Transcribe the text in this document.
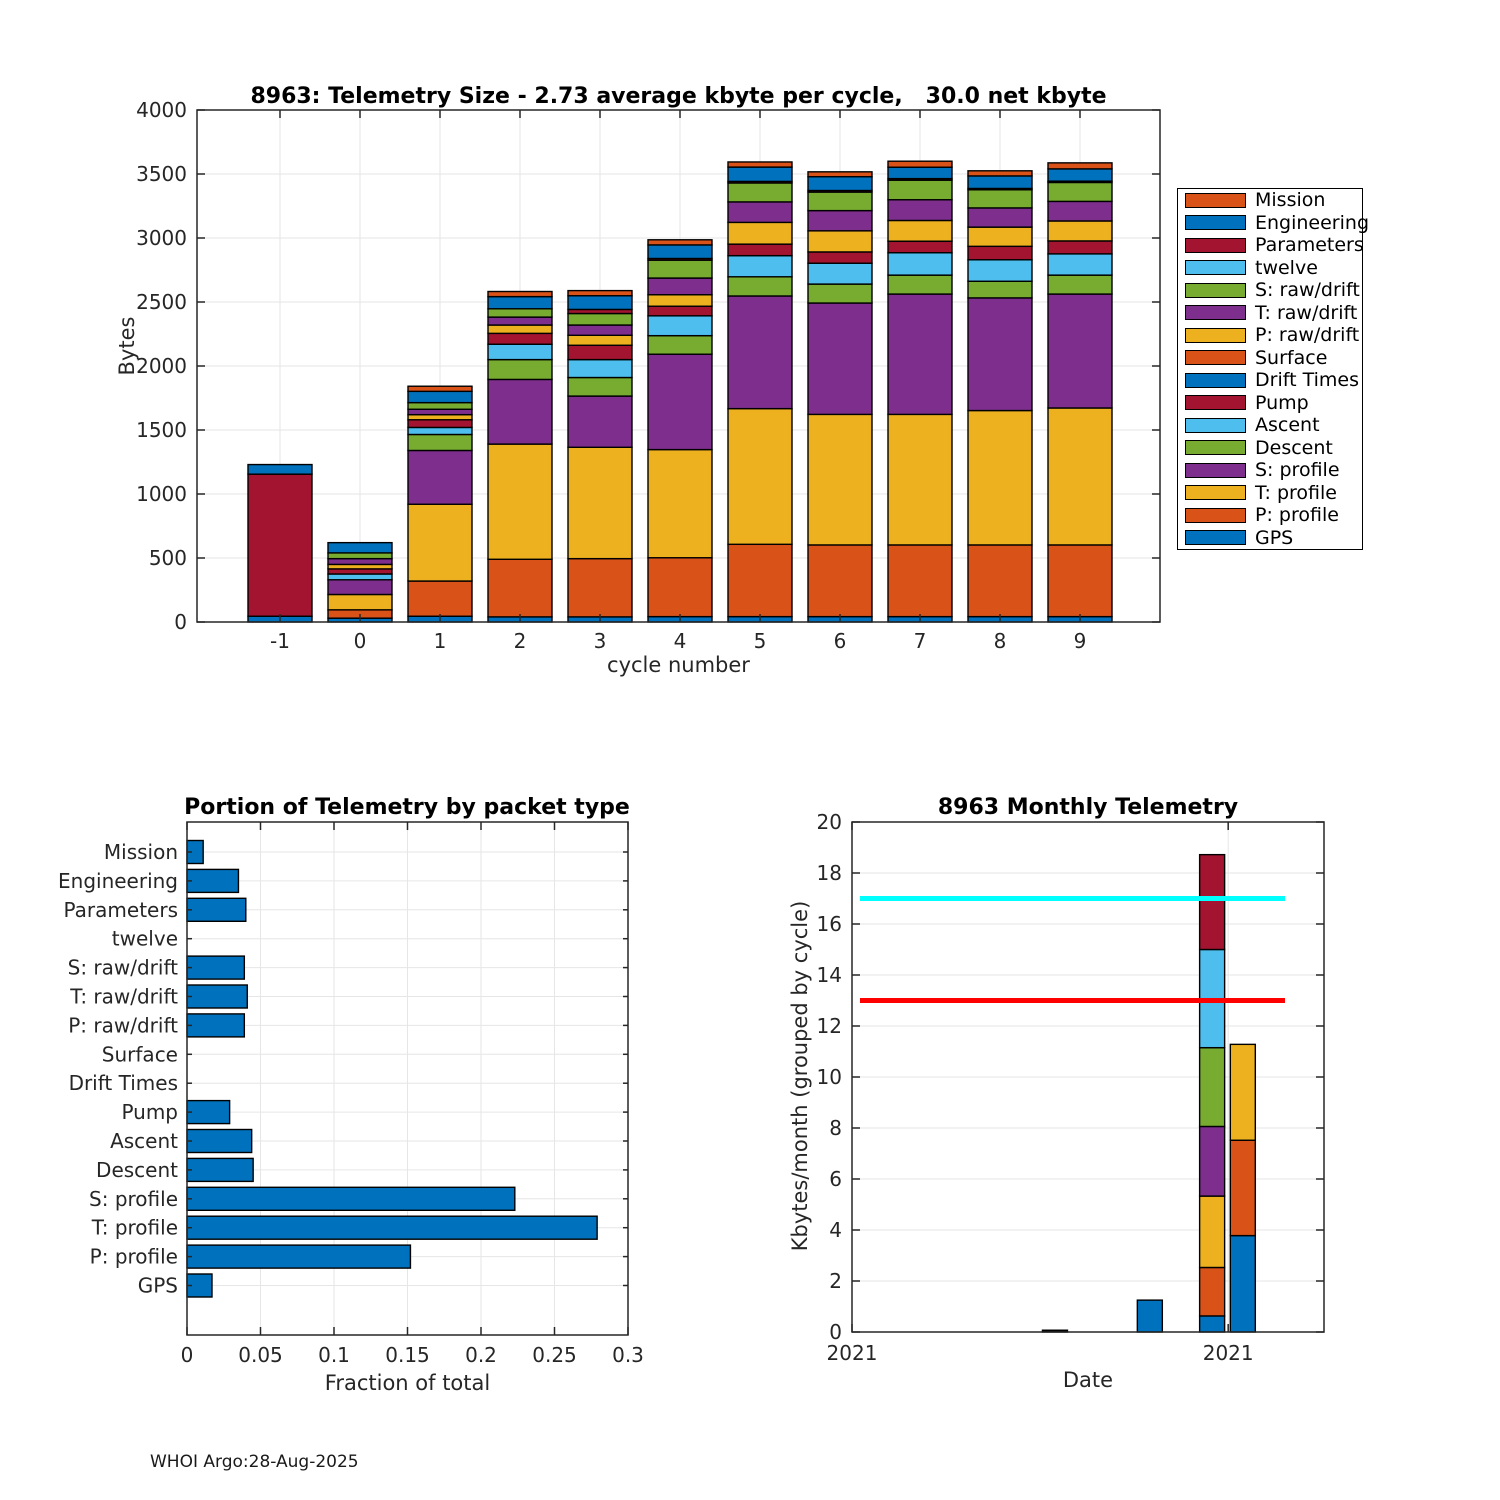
0
500
1000
1500
2000
2500
3000
3500
4000
-1	0	1	2	3	4	5	6	7	8	9
0 0.05 0.1 0.15 0.2 0.25 0.3
Mission
Engineering
Parameters
twelve
S: raw/drift
T: raw/drift
P: raw/drift
Surface
Drift Times
Pump
Ascent
Descent
S: profile
T: profile
P: profile
GPS
0
2
4
6
8
10
12
14
16
18
20
2021	2021
8963: Telemetry Size - 2.73 average kbyte per cycle,   30.0 net kbyte
Bytes
cycle number
Portion of Telemetry by packet type
Fraction of total
8963 Monthly Telemetry
Kbytes/month (grouped by cycle)
Date
Mission
Engineering
Parameters
twelve
S: raw/drift
T: raw/drift
P: raw/drift
Surface
Drift Times
Pump
Ascent
Descent
S: profile
T: profile
P: profile
GPS
WHOI Argo:28-Aug-2025
